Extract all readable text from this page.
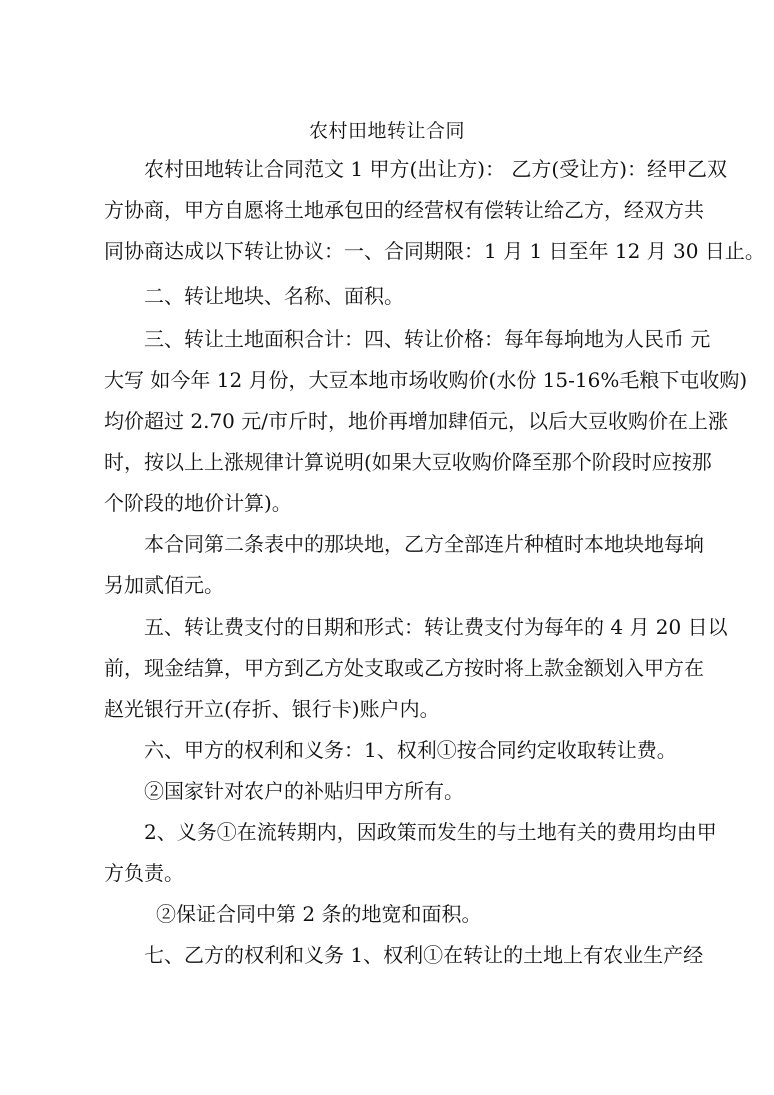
农村田地转让合同
农村田地转让合同范文 1 甲方(出让方)： 乙方(受让方)：经甲乙双
方协商，甲方自愿将土地承包田的经营权有偿转让给乙方，经双方共
同协商达成以下转让协议：一、合同期限：1 月 1 日至年 12 月 30 日止。
二、转让地块、名称、面积。
三、转让土地面积合计：四、转让价格：每年每垧地为人民币 元
大写 如今年 12 月份，大豆本地市场收购价(水份 15-16%毛粮下屯收购)
均价超过 2.70 元/市斤时，地价再增加肆佰元，以后大豆收购价在上涨
时，按以上上涨规律计算说明(如果大豆收购价降至那个阶段时应按那
个阶段的地价计算)。
本合同第二条表中的那块地，乙方全部连片种植时本地块地每垧
另加贰佰元。
五、转让费支付的日期和形式：转让费支付为每年的 4 月 20 日以
前，现金结算，甲方到乙方处支取或乙方按时将上款金额划入甲方在
赵光银行开立(存折、银行卡)账户内。
六、甲方的权利和义务：1、权利①按合同约定收取转让费。
②国家针对农户的补贴归甲方所有。
2、义务①在流转期内，因政策而发生的与土地有关的费用均由甲
方负责。
②保证合同中第 2 条的地宽和面积。
七、乙方的权利和义务 1、权利①在转让的土地上有农业生产经
